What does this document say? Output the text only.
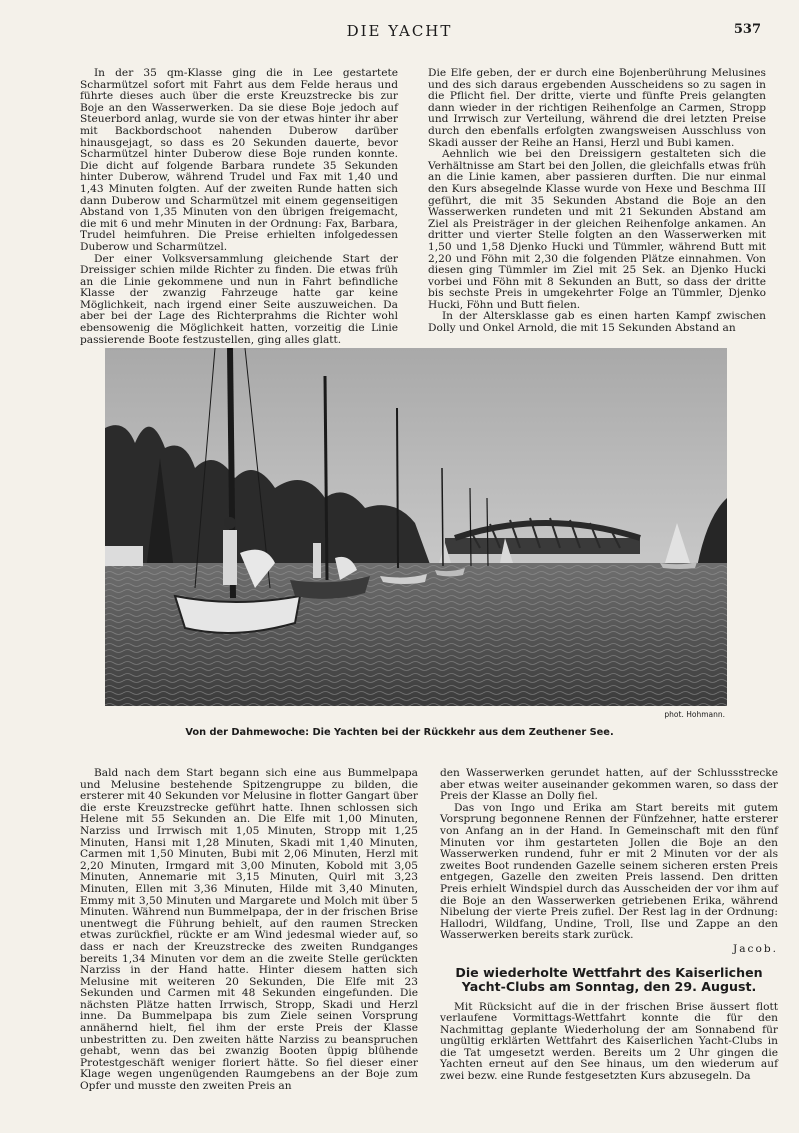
DIE YACHT	537

In der 35 qm-Klasse ging die in Lee gestartete Scharmützel sofort mit Fahrt aus dem Felde heraus und führte dieses auch über die erste Kreuzstrecke bis zur Boje an den Wasserwerken. Da sie diese Boje jedoch auf Steuerbord anlag, wurde sie von der etwas hinter ihr aber mit Backbordschoot nahenden Duberow darüber hinausgejagt, so dass es 20 Sekunden dauerte, bevor Scharmützel hinter Duberow diese Boje runden konnte. Die dicht auf folgende Barbara rundete 35 Sekunden hinter Duberow, während Trudel und Fax mit 1,40 und 1,43 Minuten folgten. Auf der zweiten Runde hatten sich dann Duberow und Scharmützel mit einem gegenseitigen Abstand von 1,35 Minuten von den übrigen freigemacht, die mit 6 und mehr Minuten in der Ordnung: Fax, Barbara, Trudel heimfuhren. Die Preise erhielten infolgedessen Duberow und Scharmützel.

Der einer Volksversammlung gleichende Start der Dreissiger schien milde Richter zu finden. Die etwas früh an die Linie gekommene und nun in Fahrt befindliche Klasse der zwanzig Fahrzeuge hatte gar keine Möglichkeit, nach irgend einer Seite auszuweichen. Da aber bei der Lage des Richterprahms die Richter wohl ebensowenig die Möglichkeit hatten, vorzeitig die Linie passierende Boote festzustellen, ging alles glatt.

Die Elfe geben, der er durch eine Bojenberührung Melusines und des sich daraus ergebenden Ausscheidens so zu sagen in die Pflicht fiel. Der dritte, vierte und fünfte Preis gelangten dann wieder in der richtigen Reihenfolge an Carmen, Stropp und Irrwisch zur Verteilung, während die drei letzten Preise durch den ebenfalls erfolgten zwangsweisen Ausschluss von Skadi ausser der Reihe an Hansi, Herzl und Bubi kamen.

Aehnlich wie bei den Dreissigern gestalteten sich die Verhältnisse am Start bei den Jollen, die gleichfalls etwas früh an die Linie kamen, aber passieren durften. Die nur einmal den Kurs absegelnde Klasse wurde von Hexe und Beschma III geführt, die mit 35 Sekunden Abstand die Boje an den Wasserwerken rundeten und mit 21 Sekunden Abstand am Ziel als Preisträger in der gleichen Reihenfolge ankamen. An dritter und vierter Stelle folgten an den Wasserwerken mit 1,50 und 1,58 Djenko Hucki und Tümmler, während Butt mit 2,20 und Föhn mit 2,30 die folgenden Plätze einnahmen. Von diesen ging Tümmler im Ziel mit 25 Sek. an Djenko Hucki vorbei und Föhn mit 8 Sekunden an Butt, so dass der dritte bis sechste Preis in umgekehrter Folge an Tümmler, Djenko Hucki, Föhn und Butt fielen.

In der Altersklasse gab es einen harten Kampf zwischen Dolly und Onkel Arnold, die mit 15 Sekunden Abstand an

phot. Hohmann.
Von der Dahmewoche: Die Yachten bei der Rückkehr aus dem Zeuthener See.

Bald nach dem Start begann sich eine aus Bummelpapa und Melusine bestehende Spitzengruppe zu bilden, die ersterer mit 40 Sekunden vor Melusine in flotter Gangart über die erste Kreuzstrecke geführt hatte. Ihnen schlossen sich Helene mit 55 Sekunden an. Die Elfe mit 1,00 Minuten, Narziss und Irrwisch mit 1,05 Minuten, Stropp mit 1,25 Minuten, Hansi mit 1,28 Minuten, Skadi mit 1,40 Minuten, Carmen mit 1,50 Minuten, Bubi mit 2,06 Minuten, Herzl mit 2,20 Minuten, Irmgard mit 3,00 Minuten, Kobold mit 3,05 Minuten, Annemarie mit 3,15 Minuten, Quirl mit 3,23 Minuten, Ellen mit 3,36 Minuten, Hilde mit 3,40 Minuten, Emmy mit 3,50 Minuten und Margarete und Molch mit über 5 Minuten. Während nun Bummelpapa, der in der frischen Brise unentwegt die Führung behielt, auf den raumen Strecken etwas zurückfiel, rückte er am Wind jedesmal wieder auf, so dass er nach der Kreuzstrecke des zweiten Rundganges bereits 1,34 Minuten vor dem an die zweite Stelle gerückten Narziss in der Hand hatte. Hinter diesem hatten sich Melusine mit weiteren 20 Sekunden, Die Elfe mit 23 Sekunden und Carmen mit 48 Sekunden eingefunden. Die nächsten Plätze hatten Irrwisch, Stropp, Skadi und Herzl inne. Da Bummelpapa bis zum Ziele seinen Vorsprung annähernd hielt, fiel ihm der erste Preis der Klasse unbestritten zu. Den zweiten hätte Narziss zu beanspruchen gehabt, wenn das bei zwanzig Booten üppig blühende Protestgeschäft weniger floriert hätte. So fiel dieser einer Klage wegen ungenügenden Raumgebens an der Boje zum Opfer und musste den zweiten Preis an

den Wasserwerken gerundet hatten, auf der Schlussstrecke aber etwas weiter auseinander gekommen waren, so dass der Preis der Klasse an Dolly fiel.

Das von Ingo und Erika am Start bereits mit gutem Vorsprung begonnene Rennen der Fünfzehner, hatte ersterer von Anfang an in der Hand. In Gemeinschaft mit den fünf Minuten vor ihm gestarteten Jollen die Boje an den Wasserwerken rundend, fuhr er mit 2 Minuten vor der als zweites Boot rundenden Gazelle seinem sicheren ersten Preis entgegen, Gazelle den zweiten Preis lassend. Den dritten Preis erhielt Windspiel durch das Ausscheiden der vor ihm auf die Boje an den Wasserwerken getriebenen Erika, während Nibelung der vierte Preis zufiel. Der Rest lag in der Ordnung: Hallodri, Wildfang, Undine, Troll, Ilse und Zappe an den Wasserwerken bereits stark zurück.

Jacob.
Die wiederholte Wettfahrt des Kaiserlichen Yacht-Clubs am Sonntag, den 29. August.

Mit Rücksicht auf die in der frischen Brise äussert flott verlaufene Vormittags-Wettfahrt konnte die für den Nachmittag geplante Wiederholung der am Sonnabend für ungültig erklärten Wettfahrt des Kaiserlichen Yacht-Clubs in die Tat umgesetzt werden. Bereits um 2 Uhr gingen die Yachten erneut auf den See hinaus, um den wiederum auf zwei bezw. eine Runde festgesetzten Kurs abzusegeln. Da
